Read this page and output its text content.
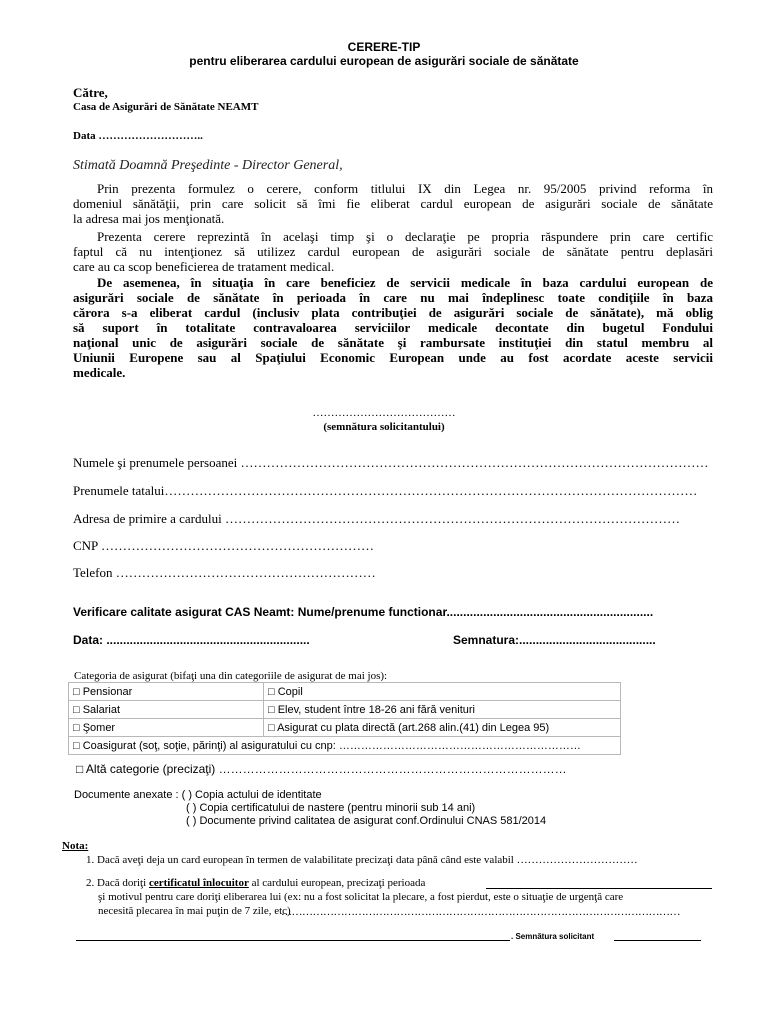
CERERE-TIP
pentru eliberarea cardului european de asigurări sociale de sănătate
Către,
Casa de Asigurări de Sănătate NEAMT
Data ………………………..
Stimată Doamnă Preşedinte - Director General,
Prin prezenta formulez o cerere, conform titlului IX din Legea nr. 95/2005 privind reforma în
domeniul sănătăţii, prin care solicit să îmi fie eliberat cardul european de asigurări sociale de sănătate
la adresa mai jos menţionată.
Prezenta cerere reprezintă în acelaşi timp şi o declaraţie pe propria răspundere prin care certific
faptul că nu intenţionez să utilizez cardul european de asigurări sociale de sănătate pentru deplasări
care au ca scop beneficierea de tratament medical.
De asemenea, în situaţia în care beneficiez de servicii medicale în baza cardului european de
asigurări sociale de sănătate în perioada în care nu mai îndeplinesc toate condiţiile în baza
cărora s-a eliberat cardul (inclusiv plata contribuţiei de asigurări sociale de sănătate), mă oblig
să suport în totalitate contravaloarea serviciilor medicale decontate din bugetul Fondului
naţional unic de asigurări sociale de sănătate şi rambursate instituţiei din statul membru al
Uniunii Europene sau al Spaţiului Economic European unde au fost acordate aceste servicii
medicale.
…………………………………
(semnătura solicitantului)
Numele şi prenumele persoanei ………………………………………………………………………………………………
Prenumele tatalui……………………………………………………………………………………………………………
Adresa de primire a cardului ……………………………………………………………………………………………
CNP ………………………………………………………
Telefon ……………………………………………………
Verificare calitate asigurat CAS Neamt: Nume/prenume functionar..............................................................
Data: .............................................................	Semnatura:.........................................
Categoria de asigurat (bifaţi una din categoriile de asigurat de mai jos):
□ Pensionar	□ Copil
□ Salariat	□ Elev, student între 18-26 ani fără venituri
□ Şomer	□ Asigurat cu plata directă (art.268 alin.(41) din Legea 95)
□ Coasigurat (soţ, soţie, părinţi) al asiguratului cu cnp: …………………………………………………………	
□ Altă categorie (precizaţi) ……………………………………………………………………………
Documente anexate : ( ) Copia actului de identitate
( ) Copia certificatului de nastere (pentru minorii sub 14 ani)
( ) Documente privind calitatea de asigurat conf.Ordinului CNAS 581/2014
Nota:
1. Dacă aveţi deja un card european în termen de valabilitate precizaţi data până când este valabil ……………………………
2. Dacă doriţi certificatul înlocuitor al cardului european, precizaţi perioada
şi motivul pentru care doriţi eliberarea lui (ex: nu a fost solicitat la plecare, a fost pierdut, este o situaţie de urgenţă care
necesită plecarea în mai puţin de 7 zile, etc)
……………………………………………………………………………………………………
. Semnătura solicitant
